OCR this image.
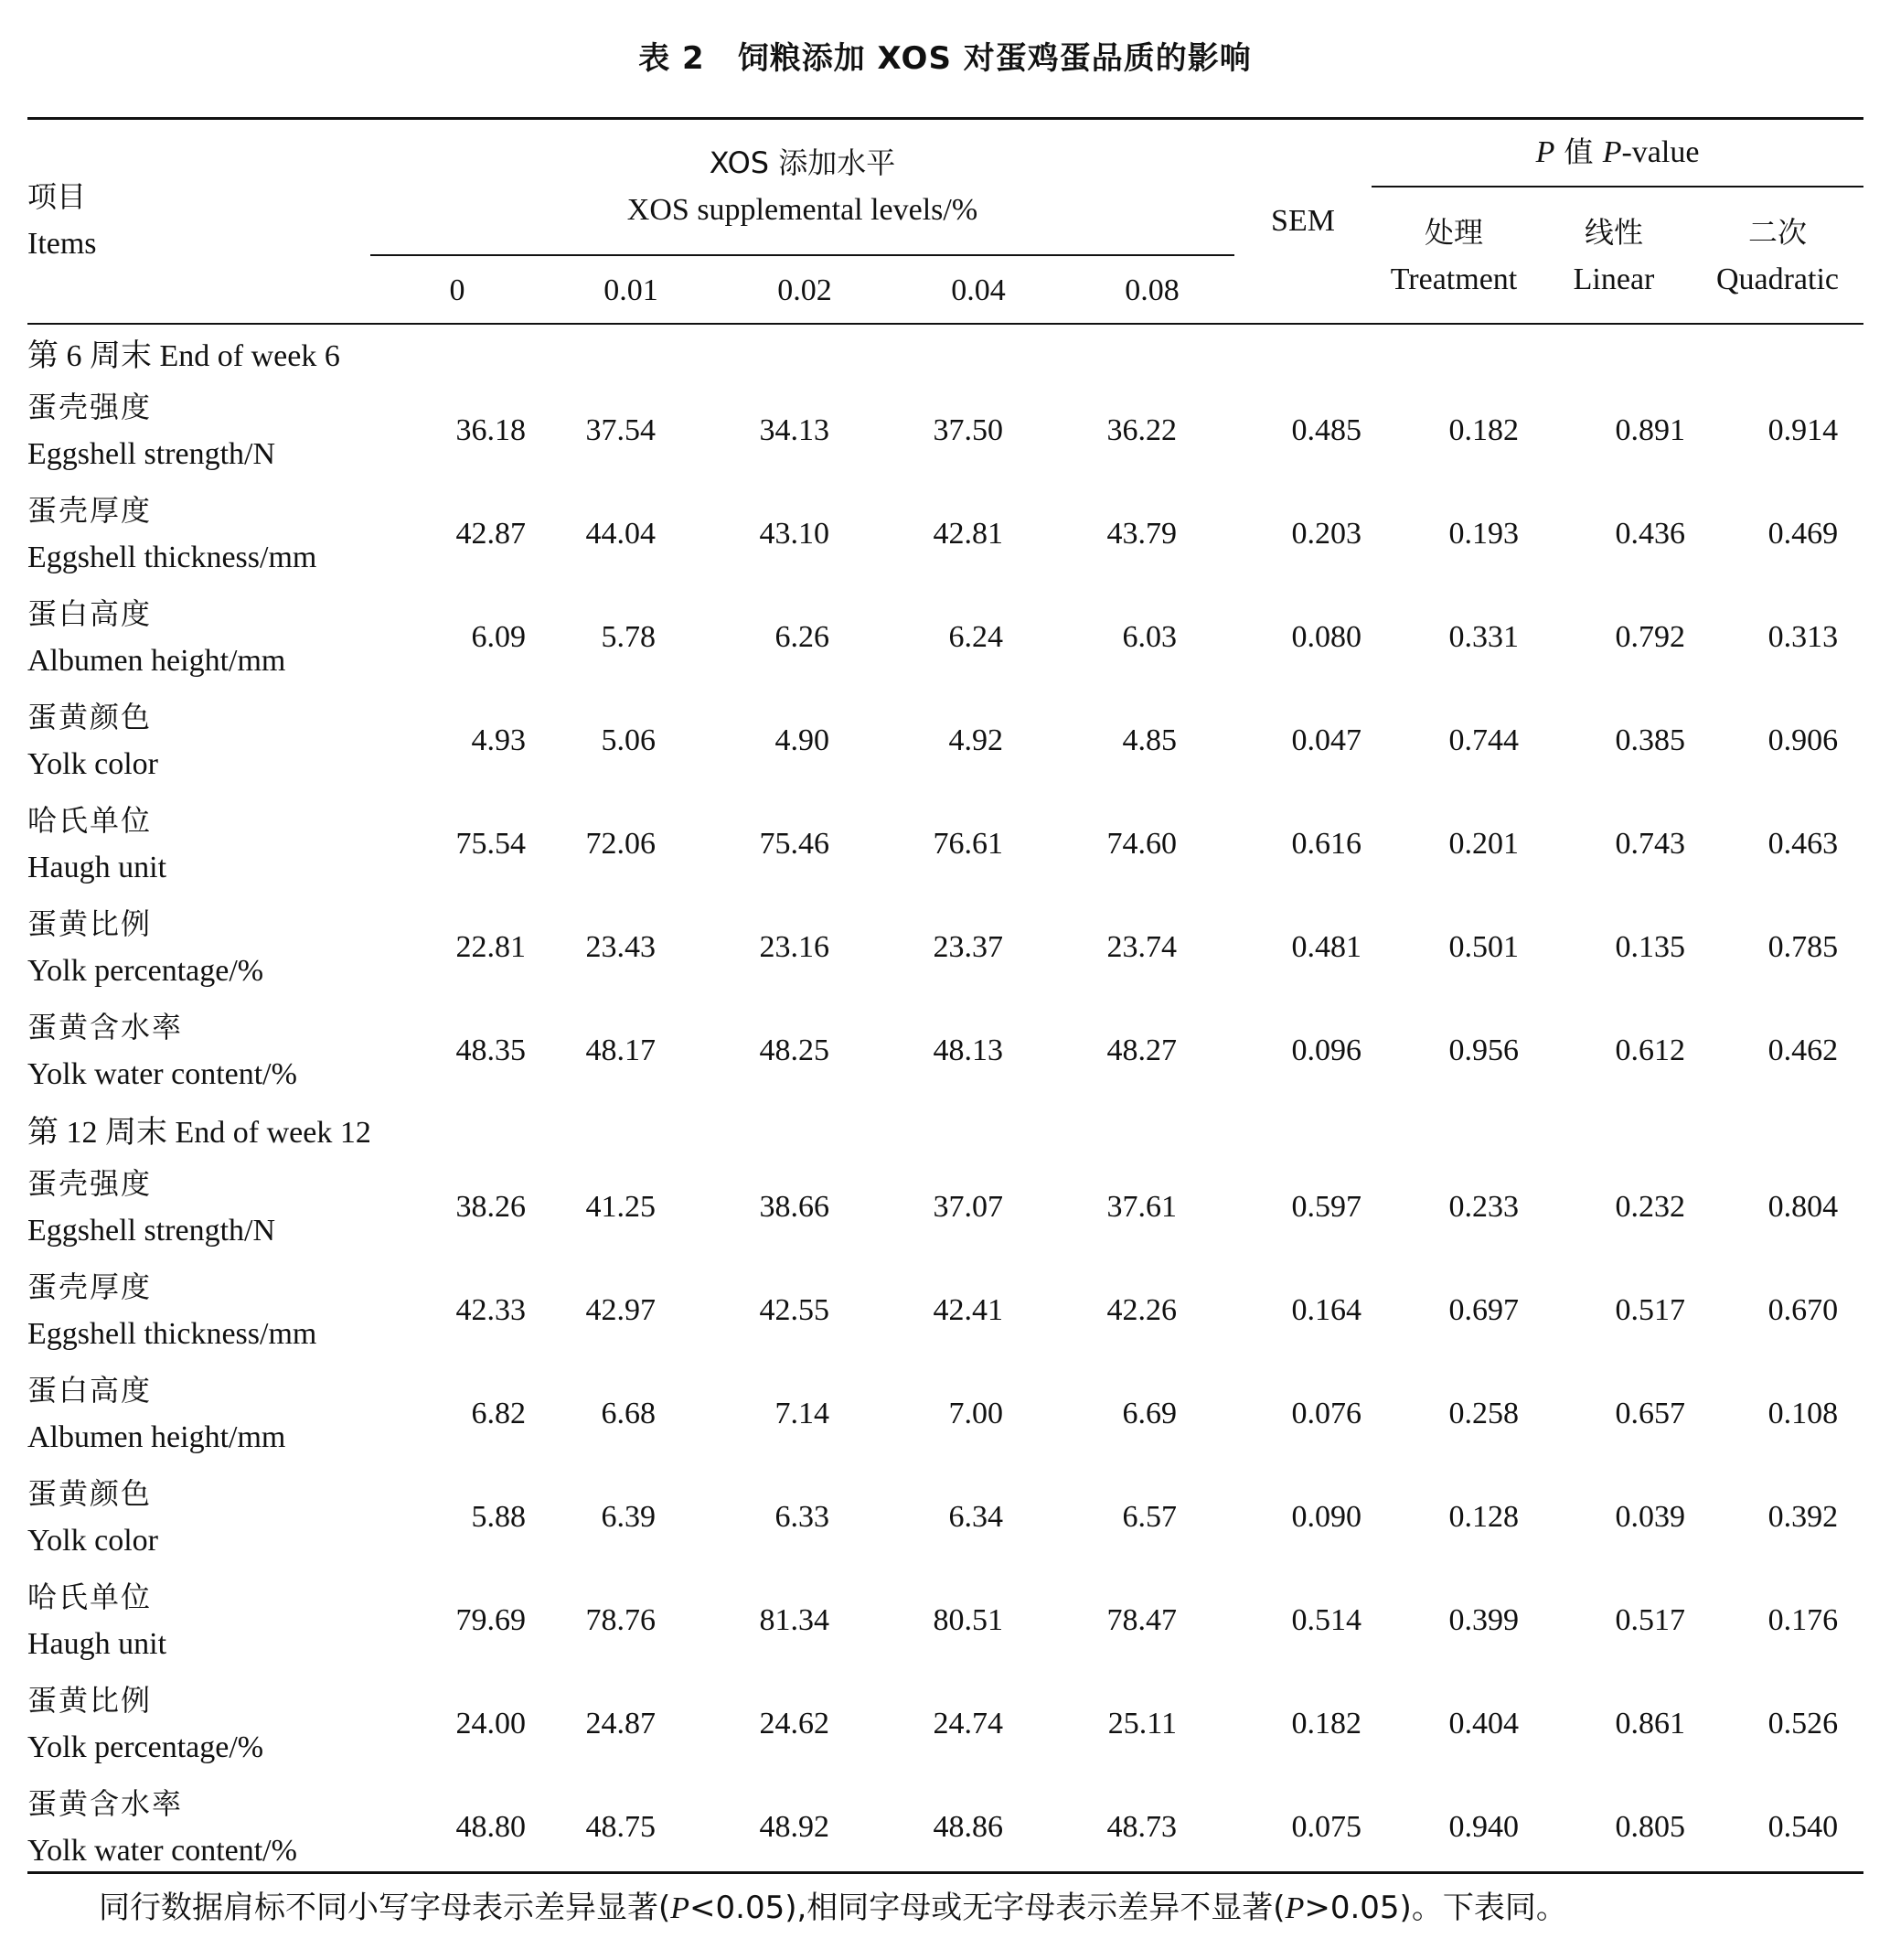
表 2 饲粮添加 XOS 对蛋鸡蛋品质的影响
项目
Items
XOS 添加水平
XOS supplemental levels/%
0	0.01	0.02	0.04	0.08
SEM
P 值 P-value
处理
Treatment
线性
Linear
二次
Quadratic
第 6 周末 End of week 6									

蛋壳强度
Eggshell strength/N	36.18	37.54	34.13	37.50	36.22	0.485	0.182	0.891	0.914

蛋壳厚度
Eggshell thickness/mm	42.87	44.04	43.10	42.81	43.79	0.203	0.193	0.436	0.469

蛋白高度
Albumen height/mm	6.09	5.78	6.26	6.24	6.03	0.080	0.331	0.792	0.313

蛋黄颜色
Yolk color	4.93	5.06	4.90	4.92	4.85	0.047	0.744	0.385	0.906

哈氏单位
Haugh unit	75.54	72.06	75.46	76.61	74.60	0.616	0.201	0.743	0.463

蛋黄比例
Yolk percentage/%	22.81	23.43	23.16	23.37	23.74	0.481	0.501	0.135	0.785

蛋黄含水率
Yolk water content/%	48.35	48.17	48.25	48.13	48.27	0.096	0.956	0.612	0.462
第 12 周末 End of week 12									

蛋壳强度
Eggshell strength/N	38.26	41.25	38.66	37.07	37.61	0.597	0.233	0.232	0.804

蛋壳厚度
Eggshell thickness/mm	42.33	42.97	42.55	42.41	42.26	0.164	0.697	0.517	0.670

蛋白高度
Albumen height/mm	6.82	6.68	7.14	7.00	6.69	0.076	0.258	0.657	0.108

蛋黄颜色
Yolk color	5.88	6.39	6.33	6.34	6.57	0.090	0.128	0.039	0.392

哈氏单位
Haugh unit	79.69	78.76	81.34	80.51	78.47	0.514	0.399	0.517	0.176

蛋黄比例
Yolk percentage/%	24.00	24.87	24.62	24.74	25.11	0.182	0.404	0.861	0.526

蛋黄含水率
Yolk water content/%	48.80	48.75	48.92	48.86	48.73	0.075	0.940	0.805	0.540
同行数据肩标不同小写字母表示差异显著(P<0.05),相同字母或无字母表示差异不显著(P>0.05)。下表同。
